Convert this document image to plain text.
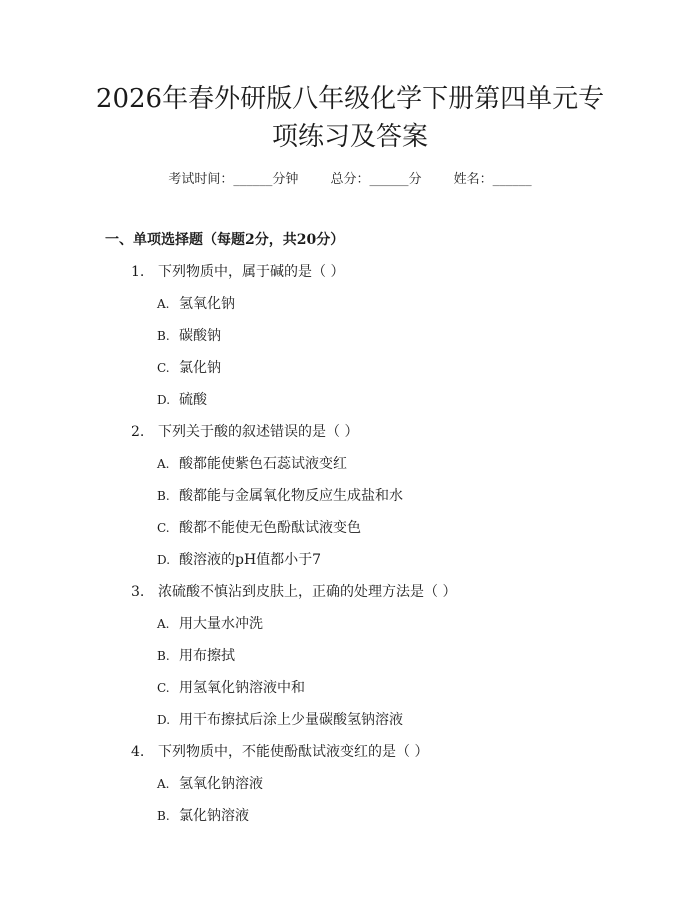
2026年春外研版八年级化学下册第四单元专
项练习及答案
考试时间：______分钟 总分：______分 姓名：______
一、单项选择题（每题2分，共20分）
1. 下列物质中，属于碱的是（ ）
A. 氢氧化钠
B. 碳酸钠
C. 氯化钠
D. 硫酸
2. 下列关于酸的叙述错误的是（ ）
A. 酸都能使紫色石蕊试液变红
B. 酸都能与金属氧化物反应生成盐和水
C. 酸都不能使无色酚酞试液变色
D. 酸溶液的pH值都小于7
3. 浓硫酸不慎沾到皮肤上，正确的处理方法是（ ）
A. 用大量水冲洗
B. 用布擦拭
C. 用氢氧化钠溶液中和
D. 用干布擦拭后涂上少量碳酸氢钠溶液
4. 下列物质中，不能使酚酞试液变红的是（ ）
A. 氢氧化钠溶液
B. 氯化钠溶液
